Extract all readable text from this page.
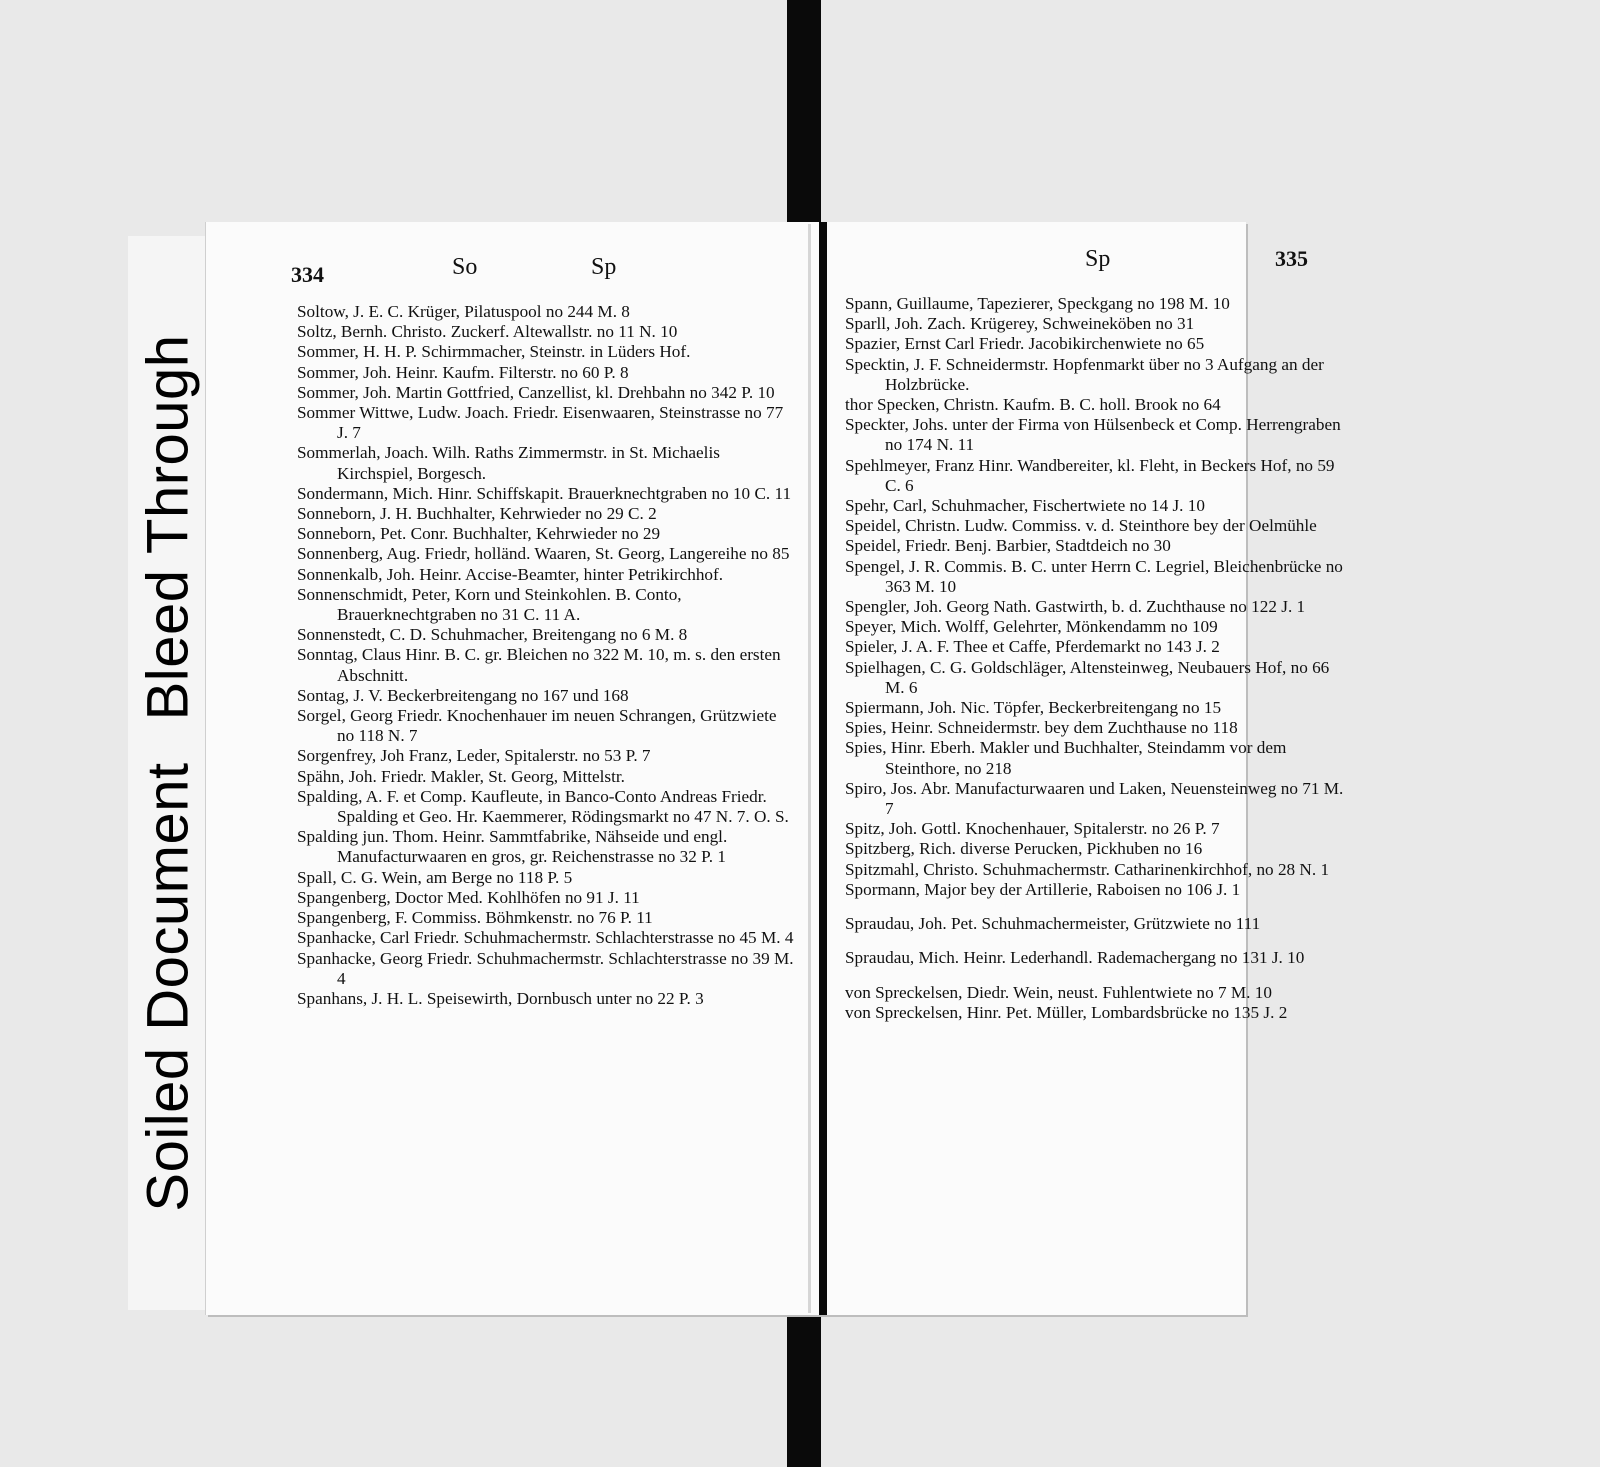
Soiled DocumentBleed Through
334	So	Sp

Soltow, J. E. C. Krüger, Pilatuspool no 244 M. 8

Soltz, Bernh. Christo. Zuckerf. Altewallstr. no 11 N. 10

Sommer, H. H. P. Schirmmacher, Steinstr. in Lüders Hof.

Sommer, Joh. Heinr. Kaufm. Filterstr. no 60 P. 8

Sommer, Joh. Martin Gottfried, Canzellist, kl. Drehbahn no 342 P. 10

Sommer Wittwe, Ludw. Joach. Friedr. Eisenwaaren, Steinstrasse no 77 J. 7

Sommerlah, Joach. Wilh. Raths Zimmermstr. in St. Michaelis Kirchspiel, Borgesch.

Sondermann, Mich. Hinr. Schiffskapit. Brauerknechtgraben no 10 C. 11

Sonneborn, J. H. Buchhalter, Kehrwieder no 29 C. 2

Sonneborn, Pet. Conr. Buchhalter, Kehrwieder no 29

Sonnenberg, Aug. Friedr, holländ. Waaren, St. Georg, Langereihe no 85

Sonnenkalb, Joh. Heinr. Accise-Beamter, hinter Petrikirchhof.

Sonnenschmidt, Peter, Korn und Steinkohlen. B. Conto, Brauerknechtgraben no 31 C. 11 A.

Sonnenstedt, C. D. Schuhmacher, Breitengang no 6 M. 8

Sonntag, Claus Hinr. B. C. gr. Bleichen no 322 M. 10, m. s. den ersten Abschnitt.

Sontag, J. V. Beckerbreitengang no 167 und 168

Sorgel, Georg Friedr. Knochenhauer im neuen Schrangen, Grützwiete no 118 N. 7

Sorgenfrey, Joh Franz, Leder, Spitalerstr. no 53 P. 7

Spähn, Joh. Friedr. Makler, St. Georg, Mittelstr.

Spalding, A. F. et Comp. Kaufleute, in Banco-Conto Andreas Friedr. Spalding et Geo. Hr. Kaemmerer, Rödingsmarkt no 47 N. 7. O. S.

Spalding jun. Thom. Heinr. Sammtfabrike, Nähseide und engl. Manufacturwaaren en gros, gr. Reichenstrasse no 32 P. 1

Spall, C. G. Wein, am Berge no 118 P. 5

Spangenberg, Doctor Med. Kohlhöfen no 91 J. 11

Spangenberg, F. Commiss. Böhmkenstr. no 76 P. 11

Spanhacke, Carl Friedr. Schuhmachermstr. Schlachterstrasse no 45 M. 4

Spanhacke, Georg Friedr. Schuhmachermstr. Schlachterstrasse no 39 M. 4

Spanhans, J. H. L. Speisewirth, Dornbusch unter no 22 P. 3

Sp	335

Spann, Guillaume, Tapezierer, Speckgang no 198 M. 10

Sparll, Joh. Zach. Krügerey, Schweineköben no 31

Spazier, Ernst Carl Friedr. Jacobikirchenwiete no 65

Specktin, J. F. Schneidermstr. Hopfenmarkt über no 3 Aufgang an der Holzbrücke.

thor Specken, Christn. Kaufm. B. C. holl. Brook no 64

Speckter, Johs. unter der Firma von Hülsenbeck et Comp. Herrengraben no 174 N. 11

Spehlmeyer, Franz Hinr. Wandbereiter, kl. Fleht, in Beckers Hof, no 59 C. 6

Spehr, Carl, Schuhmacher, Fischertwiete no 14 J. 10

Speidel, Christn. Ludw. Commiss. v. d. Steinthore bey der Oelmühle

Speidel, Friedr. Benj. Barbier, Stadtdeich no 30

Spengel, J. R. Commis. B. C. unter Herrn C. Legriel, Bleichenbrücke no 363 M. 10

Spengler, Joh. Georg Nath. Gastwirth, b. d. Zuchthause no 122 J. 1

Speyer, Mich. Wolff, Gelehrter, Mönkendamm no 109

Spieler, J. A. F. Thee et Caffe, Pferdemarkt no 143 J. 2

Spielhagen, C. G. Goldschläger, Altensteinweg, Neubauers Hof, no 66 M. 6

Spiermann, Joh. Nic. Töpfer, Beckerbreitengang no 15

Spies, Heinr. Schneidermstr. bey dem Zuchthause no 118

Spies, Hinr. Eberh. Makler und Buchhalter, Steindamm vor dem Steinthore, no 218

Spiro, Jos. Abr. Manufacturwaaren und Laken, Neuensteinweg no 71 M. 7

Spitz, Joh. Gottl. Knochenhauer, Spitalerstr. no 26 P. 7

Spitzberg, Rich. diverse Perucken, Pickhuben no 16

Spitzmahl, Christo. Schuhmachermstr. Catharinenkirchhof, no 28 N. 1

Spormann, Major bey der Artillerie, Raboisen no 106 J. 1

Spraudau, Joh. Pet. Schuhmachermeister, Grützwiete no 111

Spraudau, Mich. Heinr. Lederhandl. Rademachergang no 131 J. 10

von Spreckelsen, Diedr. Wein, neust. Fuhlentwiete no 7 M. 10

von Spreckelsen, Hinr. Pet. Müller, Lombardsbrücke no 135 J. 2
